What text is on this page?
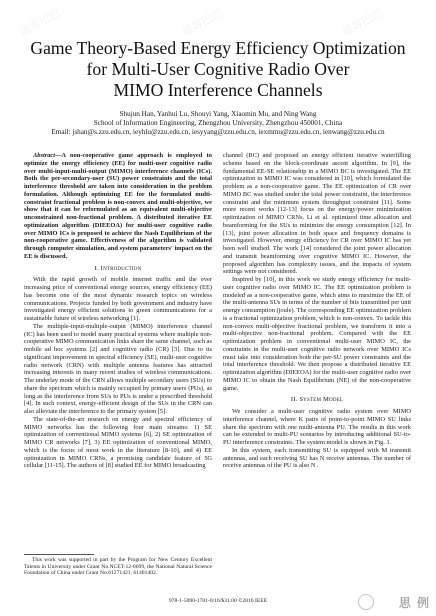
Game Theory-Based Energy Efficiency Optimization
for Multi-User Cognitive Radio Over
MIMO Interference Channels
Shujun Han, Yanhui Lu, Shouyi Yang, Xiaomin Mu, and Ning Wang
School of Information Engineering, Zhengzhou University, Zhengzhou 450001, China
Email: jshan@s.zzu.edu.cn, ieyhlu@zzu.edu.cn, iesyyang@zzu.edu.cn, iexmmu@zzu.edu.cn, ienwang@zzu.edu.cn

Abstract—A non-cooperative game approach is employed to optimize the energy efficiency (EE) for multi-user cognitive radio over multi-input-multi-output (MIMO) interference channels (ICs). Both the per-secondary-user (SU) power constraints and the total interference threshold are taken into consideration in the problem formulation. Although optimizing EE for the formulated multi-constraint fractional problem is non-convex and multi-objective, we show that it can be reformulated as an equivalent multi-objective unconstrained non-fractional problem. A distributed iterative EE optimization algorithm (DIEEOA) for multi-user cognitive radio over MIMO ICs is proposed to achieve the Nash Equilibrium of the non-cooperative game. Effectiveness of the algorithm is validated through computer simulation, and system parameters' impact on the EE is discussed.

I. Introduction

With the rapid growth of mobile internet traffic and the ever increasing price of conventional energy sources, energy efficiency (EE) has become one of the most dynamic research topics on wireless communications. Projects funded by both government and industry have investigated energy efficient solutions to green communications for a sustainable future of wireless networking [1].

The multiple-input-multiple-output (MIMO) interference channel (IC) has been used to model many practical systems where multiple non-cooperative MIMO communication links share the same channel, such as mobile ad hoc systems [2] and cognitive radio (CR) [3]. Due to its significant improvement in spectral efficiency (SE), multi-user cognitive radio network (CRN) with multiple antenna features has attracted increasing interests in many recent studies of wireless communications. The underlay mode of the CRN allows multiple secondary users (SUs) to share the spectrum which is mainly occupied by primary users (PUs), as long as the interference from SUs to PUs is under a prescribed threshold [4]. In such context, energy-efficient design of the SUs in the CRN can also alleviate the interference to the primary system [5].

The state-of-the-art research on energy and spectral efficiency of MIMO networks has the following four main streams: 1) SE optimization of conventional MIMO systems [6], 2) SE optimization of MIMO CR networks [7], 3) EE optimization of conventional MIMO, which is the focus of most work in the literature [8-10], and 4) EE optimization in MIMO CRNs, a promising candidate feature of 5G cellular [11-15]. The authors of [8] studied EE for MIMO broadcasting

This work was supported in part by the Program for New Century Excellent Talents in University under Grant No.NCET-12-0699, the National Natural Science Foundation of China under Grant No.61271421, 61401402.

channel (BC) and proposed an energy efficient iterative waterfilling scheme based on the block-coordinate ascent algorithm. In [9], the fundamental EE-SE relationship in a MIMO BC is investigated. The EE optimization in MIMO IC was considered in [10], which formulated the problem as a non-cooperative game. The EE optimization of CR over MIMO BC was studied under the total power constraint, the interference constraint and the minimum system throughput constraint [11]. Some more recent works [12-13] focus on the energy/power minimization optimization of MIMO CRNs. Li et al. optimized time allocation and beamforming for the SUs to minimize the energy consumption [12]. In [13], joint power allocation in both space and frequency domains is investigated. However, energy efficiency for CR over MIMO IC has yet been well studied. The work [14] considered the joint power allocation and transmit beamforming over cognitive MIMO IC. However, the proposed algorithm has complexity issues, and the impacts of system settings were not considered.

Inspired by [10], in this work we study energy efficiency for multi-user cognitive radio over MIMO IC. The EE optimization problem is modeled as a non-cooperative game, which aims to maximize the EE of the multi-antenna SUs in terms of the number of bits transmitted per unit energy consumption (joule). The corresponding EE optimization problem is a fractional optimization problem, which is non-convex. To tackle this non-convex multi-objective fractional problem, we transform it into a multi-objective non-fractional problem. Compared with the EE optimization problem in conventional multi-user MIMO IC, the constraints in the multi-user cognitive radio network over MIMO ICs must take into consideration both the per-SU power constraints and the total interference threshold. We then propose a distributed iterative EE optimization algorithm (DIEEOA) for the multi-user cognitive radio over MIMO IC to obtain the Nash Equilibrium (NE) of the non-cooperative game.

II. System Model

We consider a multi-user cognitive radio system over MIMO interference channel, where K pairs of point-to-point MIMO SU links share the spectrum with one multi-antenna PU. The results in this work can be extended to multi-PU scenarios by introducing additional SU-to-PU interference constraints. The system model is shown in Fig. 1.

In this system, each transmitting SU is equipped with M transmit antennas, and each receiving SU has N receive antennas. The number of receive antennas of the PU is also N .

978-1-5090-1701-0/16/$31.00 ©2016 IEEE
道客巴巴	道客巴巴	道客巴巴
道客巴巴	道客巴巴
思 例
